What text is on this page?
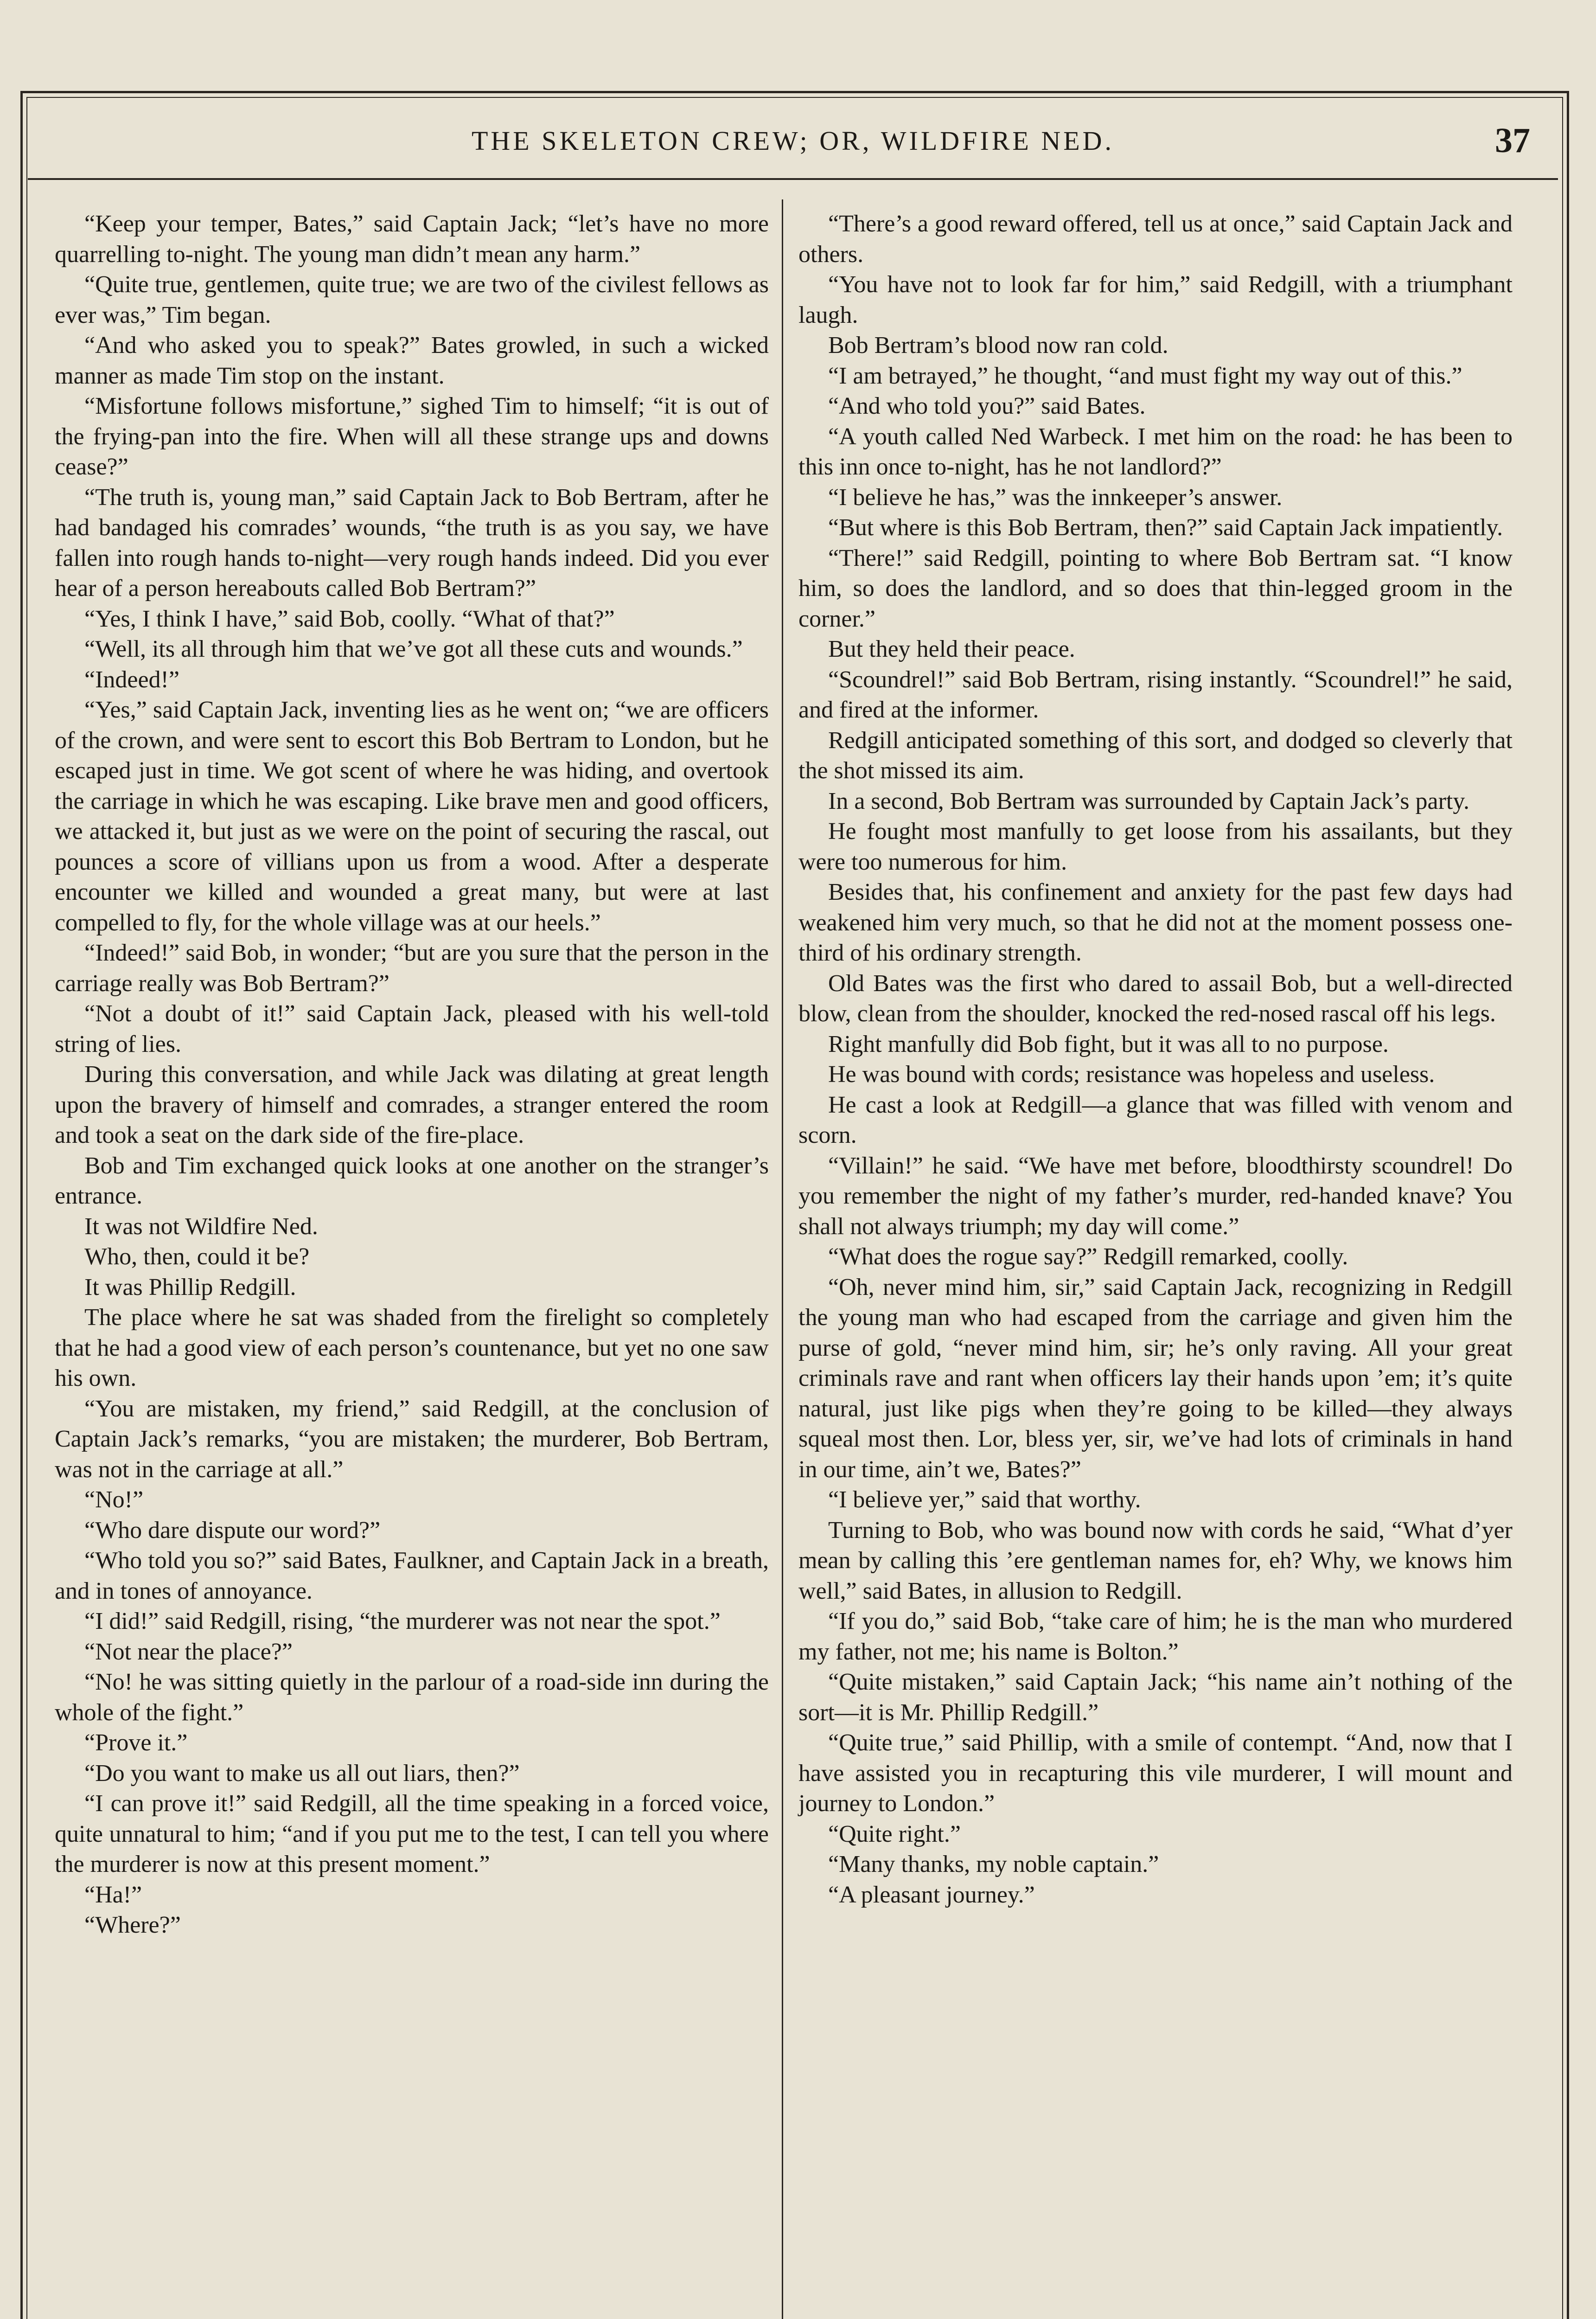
THE SKELETON CREW; OR, WILDFIRE NED.	37

“Keep your temper, Bates,” said Captain Jack; “let’s have no more quarrelling to-night. The young man didn’t mean any harm.”

“Quite true, gentlemen, quite true; we are two of the civilest fellows as ever was,” Tim began.

“And who asked you to speak?” Bates growled, in such a wicked manner as made Tim stop on the instant.

“Misfortune follows misfortune,” sighed Tim to himself; “it is out of the frying-pan into the fire. When will all these strange ups and downs cease?”

“The truth is, young man,” said Captain Jack to Bob Bertram, after he had bandaged his comrades’ wounds, “the truth is as you say, we have fallen into rough hands to-night—very rough hands indeed. Did you ever hear of a person hereabouts called Bob Bertram?”

“Yes, I think I have,” said Bob, coolly. “What of that?”

“Well, its all through him that we’ve got all these cuts and wounds.”

“Indeed!”

“Yes,” said Captain Jack, inventing lies as he went on; “we are officers of the crown, and were sent to escort this Bob Bertram to London, but he escaped just in time. We got scent of where he was hiding, and overtook the carriage in which he was escaping. Like brave men and good officers, we attacked it, but just as we were on the point of securing the rascal, out pounces a score of villians upon us from a wood. After a desperate encounter we killed and wounded a great many, but were at last compelled to fly, for the whole village was at our heels.”

“Indeed!” said Bob, in wonder; “but are you sure that the person in the carriage really was Bob Bertram?”

“Not a doubt of it!” said Captain Jack, pleased with his well-told string of lies.

During this conversation, and while Jack was dilating at great length upon the bravery of himself and comrades, a stranger entered the room and took a seat on the dark side of the fire-place.

Bob and Tim exchanged quick looks at one another on the stranger’s entrance.

It was not Wildfire Ned.

Who, then, could it be?

It was Phillip Redgill.

The place where he sat was shaded from the firelight so completely that he had a good view of each person’s countenance, but yet no one saw his own.

“You are mistaken, my friend,” said Redgill, at the conclusion of Captain Jack’s remarks, “you are mistaken; the murderer, Bob Bertram, was not in the carriage at all.”

“No!”

“Who dare dispute our word?”

“Who told you so?” said Bates, Faulkner, and Captain Jack in a breath, and in tones of annoyance.

“I did!” said Redgill, rising, “the murderer was not near the spot.”

“Not near the place?”

“No! he was sitting quietly in the parlour of a road-side inn during the whole of the fight.”

“Prove it.”

“Do you want to make us all out liars, then?”

“I can prove it!” said Redgill, all the time speaking in a forced voice, quite unnatural to him; “and if you put me to the test, I can tell you where the murderer is now at this present moment.”

“Ha!”

“Where?”

“There’s a good reward offered, tell us at once,” said Captain Jack and others.

“You have not to look far for him,” said Redgill, with a triumphant laugh.

Bob Bertram’s blood now ran cold.

“I am betrayed,” he thought, “and must fight my way out of this.”

“And who told you?” said Bates.

“A youth called Ned Warbeck. I met him on the road: he has been to this inn once to-night, has he not landlord?”

“I believe he has,” was the innkeeper’s answer.

“But where is this Bob Bertram, then?” said Captain Jack impatiently.

“There!” said Redgill, pointing to where Bob Bertram sat. “I know him, so does the landlord, and so does that thin-legged groom in the corner.”

But they held their peace.

“Scoundrel!” said Bob Bertram, rising instantly. “Scoundrel!” he said, and fired at the informer.

Redgill anticipated something of this sort, and dodged so cleverly that the shot missed its aim.

In a second, Bob Bertram was surrounded by Captain Jack’s party.

He fought most manfully to get loose from his assailants, but they were too numerous for him.

Besides that, his confinement and anxiety for the past few days had weakened him very much, so that he did not at the moment possess one-third of his ordinary strength.

Old Bates was the first who dared to assail Bob, but a well-directed blow, clean from the shoulder, knocked the red-nosed rascal off his legs.

Right manfully did Bob fight, but it was all to no purpose.

He was bound with cords; resistance was hopeless and useless.

He cast a look at Redgill—a glance that was filled with venom and scorn.

“Villain!” he said. “We have met before, bloodthirsty scoundrel! Do you remember the night of my father’s murder, red-handed knave? You shall not always triumph; my day will come.”

“What does the rogue say?” Redgill remarked, coolly.

“Oh, never mind him, sir,” said Captain Jack, recognizing in Redgill the young man who had escaped from the carriage and given him the purse of gold, “never mind him, sir; he’s only raving. All your great criminals rave and rant when officers lay their hands upon ’em; it’s quite natural, just like pigs when they’re going to be killed—they always squeal most then. Lor, bless yer, sir, we’ve had lots of criminals in hand in our time, ain’t we, Bates?”

“I believe yer,” said that worthy.

Turning to Bob, who was bound now with cords he said, “What d’yer mean by calling this ’ere gentleman names for, eh? Why, we knows him well,” said Bates, in allusion to Redgill.

“If you do,” said Bob, “take care of him; he is the man who murdered my father, not me; his name is Bolton.”

“Quite mistaken,” said Captain Jack; “his name ain’t nothing of the sort—it is Mr. Phillip Redgill.”

“Quite true,” said Phillip, with a smile of contempt. “And, now that I have assisted you in recapturing this vile murderer, I will mount and journey to London.”

“Quite right.”

“Many thanks, my noble captain.”

“A pleasant journey.”
